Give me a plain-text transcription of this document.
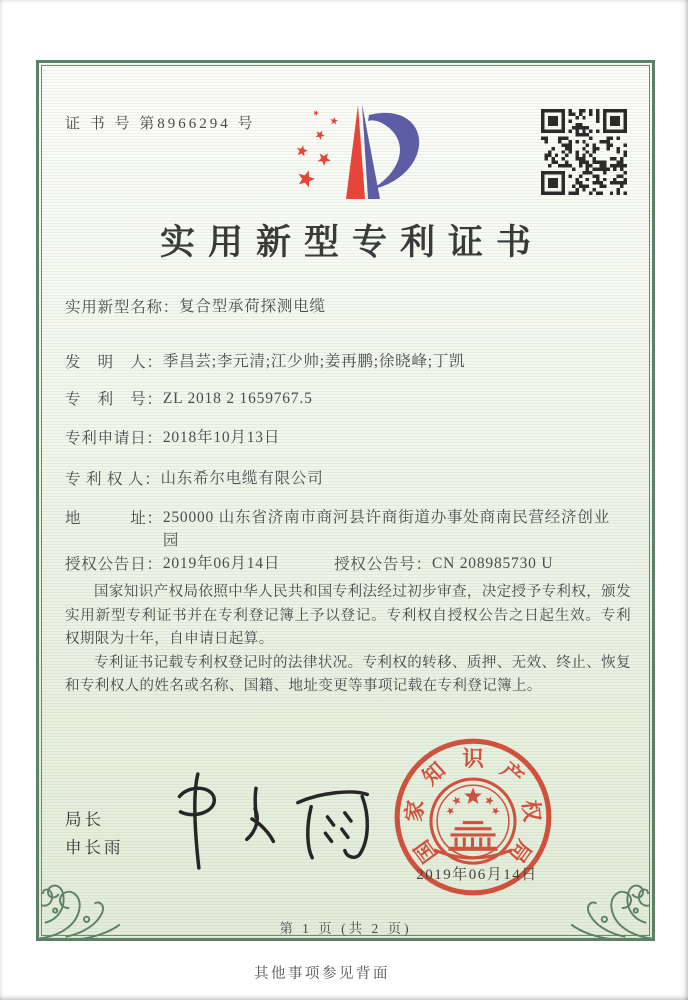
证 书 号 第8966294 号
实用新型专利证书
实用新型名称： 复合型承荷探测电缆
发　明　人： 季昌芸;李元清;江少帅;姜再鹏;徐晓峰;丁凯
专　利　号： ZL 2018 2 1659767.5
专利申请日： 2018年10月13日
专 利 权 人： 山东希尔电缆有限公司
地　　　址： 250000 山东省济南市商河县许商街道办事处商南民营经济创业园
授权公告日： 2019年06月14日	授权公告号： CN 208985730 U

国家知识产权局依照中华人民共和国专利法经过初步审查，决定授予专利权，颁发实用新型专利证书并在专利登记簿上予以登记。专利权自授权公告之日起生效。专利权期限为十年，自申请日起算。

专利证书记载专利权登记时的法律状况。专利权的转移、质押、无效、终止、恢复和专利权人的姓名或名称、国籍、地址变更等事项记载在专利登记簿上。

局长
申长雨	国
家
知 识 产
权
局
2019年06月14日
第 1 页 (共 2 页)
其他事项参见背面
